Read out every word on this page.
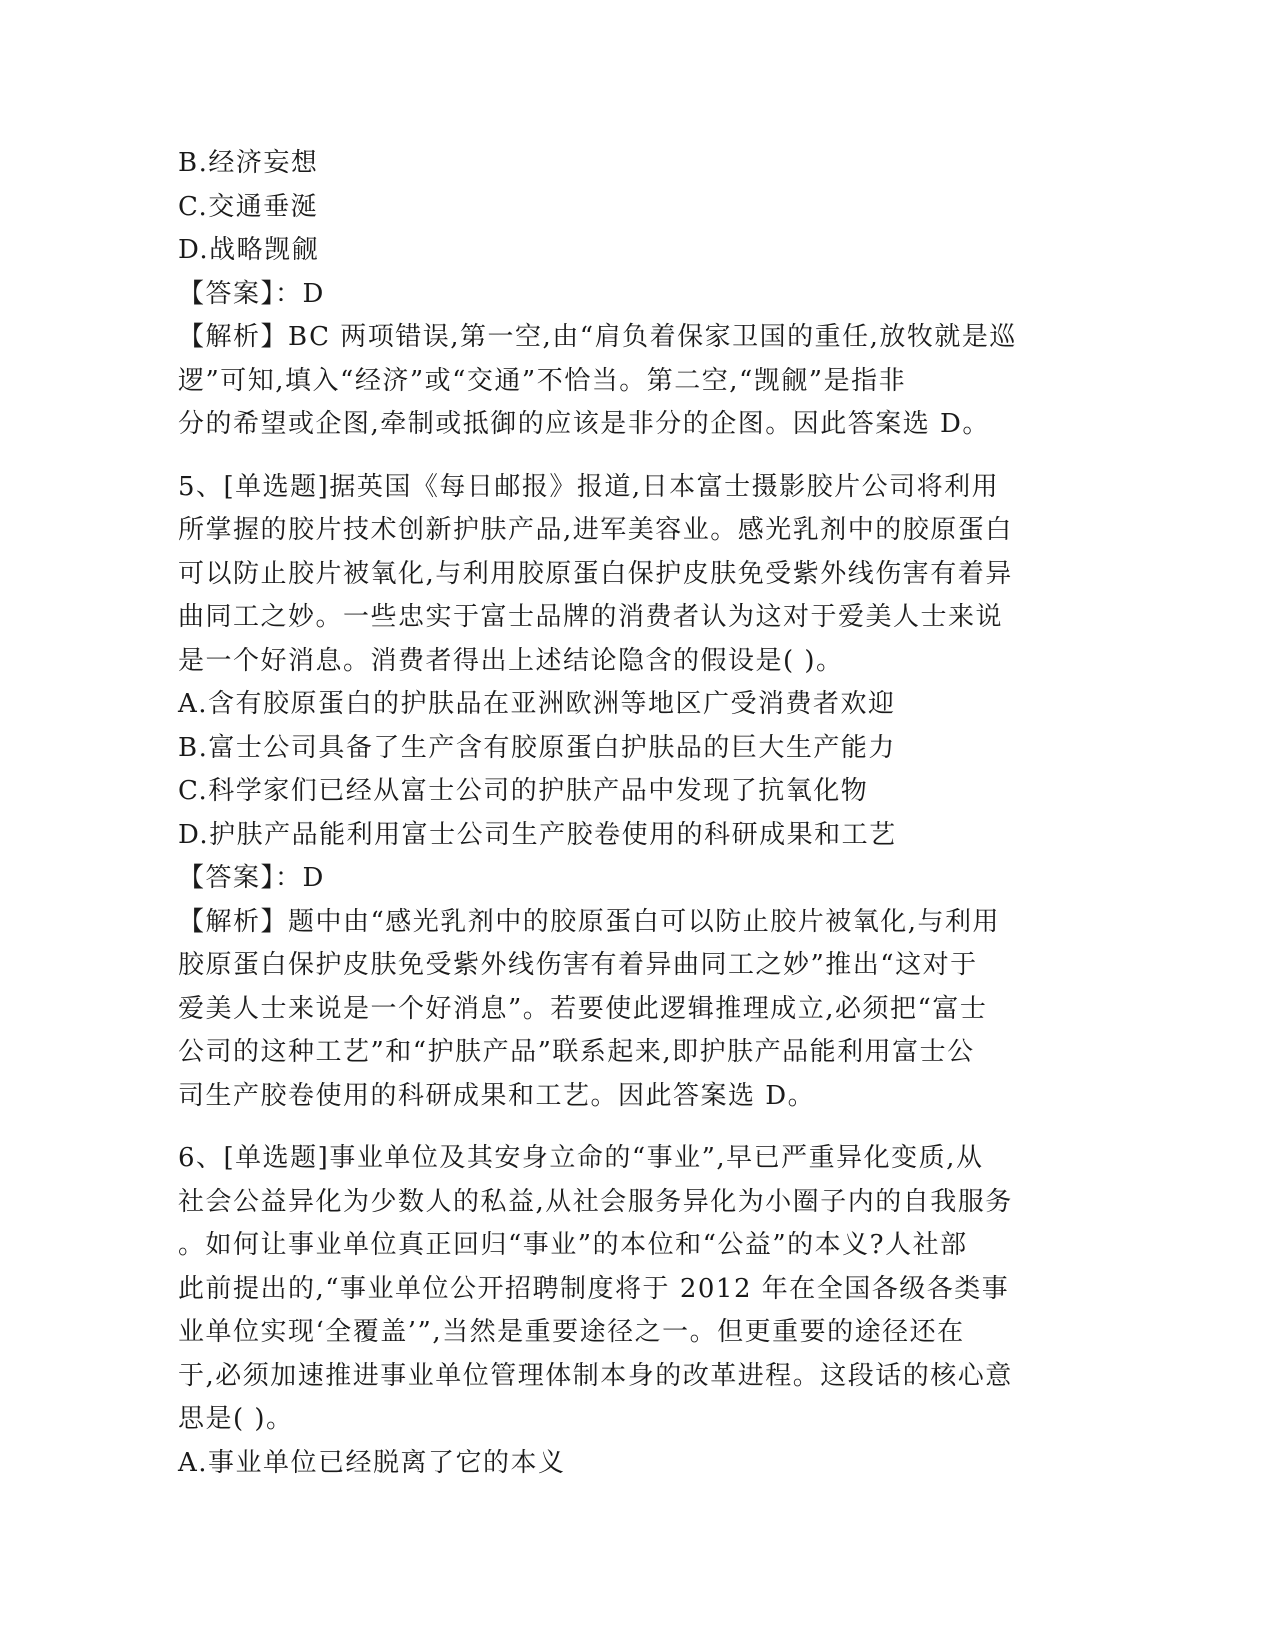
B.经济妄想

C.交通垂涎

D.战略觊觎

【答案】：D

【解析】BC 两项错误,第一空,由“肩负着保家卫国的重任,放牧就是巡

逻”可知,填入“经济”或“交通”不恰当。第二空,“觊觎”是指非

分的希望或企图,牵制或抵御的应该是非分的企图。因此答案选 D。

5、[单选题]据英国《每日邮报》报道,日本富士摄影胶片公司将利用

所掌握的胶片技术创新护肤产品,进军美容业。感光乳剂中的胶原蛋白

可以防止胶片被氧化,与利用胶原蛋白保护皮肤免受紫外线伤害有着异

曲同工之妙。一些忠实于富士品牌的消费者认为这对于爱美人士来说

是一个好消息。消费者得出上述结论隐含的假设是( )。

A.含有胶原蛋白的护肤品在亚洲欧洲等地区广受消费者欢迎

B.富士公司具备了生产含有胶原蛋白护肤品的巨大生产能力

C.科学家们已经从富士公司的护肤产品中发现了抗氧化物

D.护肤产品能利用富士公司生产胶卷使用的科研成果和工艺

【答案】：D

【解析】题中由“感光乳剂中的胶原蛋白可以防止胶片被氧化,与利用

胶原蛋白保护皮肤免受紫外线伤害有着异曲同工之妙”推出“这对于

爱美人士来说是一个好消息”。若要使此逻辑推理成立,必须把“富士

公司的这种工艺”和“护肤产品”联系起来,即护肤产品能利用富士公

司生产胶卷使用的科研成果和工艺。因此答案选 D。

6、[单选题]事业单位及其安身立命的“事业”,早已严重异化变质,从

社会公益异化为少数人的私益,从社会服务异化为小圈子内的自我服务

。如何让事业单位真正回归“事业”的本位和“公益”的本义?人社部

此前提出的,“事业单位公开招聘制度将于 2012 年在全国各级各类事

业单位实现‘全覆盖’”,当然是重要途径之一。但更重要的途径还在

于,必须加速推进事业单位管理体制本身的改革进程。这段话的核心意

思是( )。

A.事业单位已经脱离了它的本义
